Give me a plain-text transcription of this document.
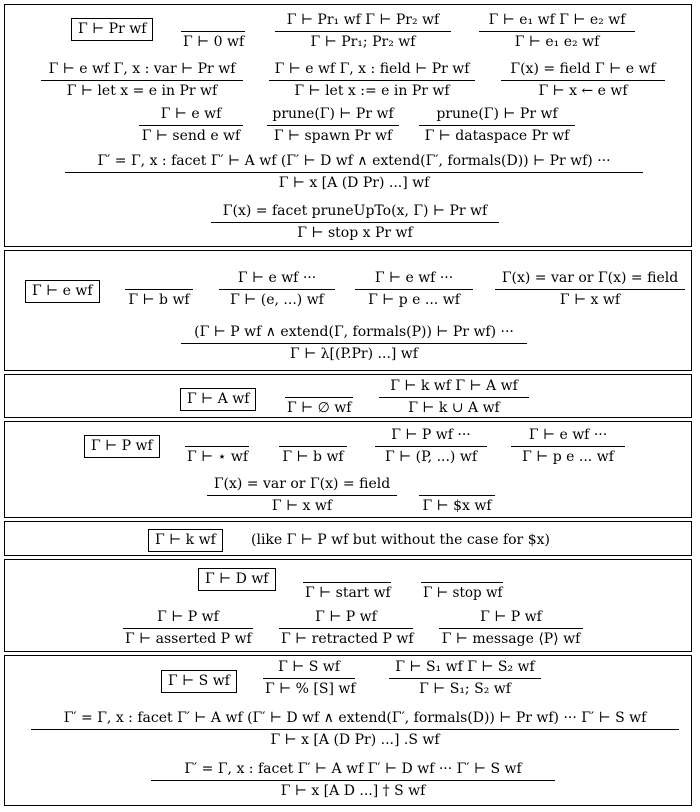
Γ ⊢ Pr wf

Γ ⊢ 0 wf
Γ ⊢ Pr₁ wf Γ ⊢ Pr₂ wf
Γ ⊢ Pr₁; Pr₂ wf
Γ ⊢ e₁ wf Γ ⊢ e₂ wf
Γ ⊢ e₁ e₂ wf
Γ ⊢ e wf Γ, x : var ⊢ Pr wf
Γ ⊢ let x = e in Pr wf
Γ ⊢ e wf Γ, x : field ⊢ Pr wf
Γ ⊢ let x := e in Pr wf
Γ(x) = field Γ ⊢ e wf
Γ ⊢ x ← e wf
Γ ⊢ e wf
Γ ⊢ send e wf
prune(Γ) ⊢ Pr wf
Γ ⊢ spawn Pr wf
prune(Γ) ⊢ Pr wf
Γ ⊢ dataspace Pr wf
Γ′ = Γ, x : facet Γ′ ⊢ A wf (Γ′ ⊢ D wf ∧ extend(Γ′, formals(D)) ⊢ Pr wf) ···
Γ ⊢ x [A (D Pr) ...] wf
Γ(x) = facet pruneUpTo(x, Γ) ⊢ Pr wf
Γ ⊢ stop x Pr wf
Γ ⊢ e wf

Γ ⊢ b wf
Γ ⊢ e wf ···
Γ ⊢ (e, ...) wf
Γ ⊢ e wf ···
Γ ⊢ p e ... wf
Γ(x) = var or Γ(x) = field
Γ ⊢ x wf
(Γ ⊢ P wf ∧ extend(Γ, formals(P)) ⊢ Pr wf) ···
Γ ⊢ λ[(P.Pr) ...] wf
Γ ⊢ A wf

Γ ⊢ ∅ wf
Γ ⊢ k wf Γ ⊢ A wf
Γ ⊢ k ∪ A wf
Γ ⊢ P wf

Γ ⊢ ⋆ wf
Γ ⊢ b wf
Γ ⊢ P wf ···
Γ ⊢ (P, ...) wf
Γ ⊢ e wf ···
Γ ⊢ p e ... wf
Γ(x) = var or Γ(x) = field
Γ ⊢ x wf
	Γ ⊢ $x wf
Γ ⊢ k wf	(like Γ ⊢ P wf but without the case for $x)
Γ ⊢ D wf

Γ ⊢ start wf
Γ ⊢ stop wf
Γ ⊢ P wf
Γ ⊢ asserted P wf
Γ ⊢ P wf
Γ ⊢ retracted P wf
Γ ⊢ P wf
Γ ⊢ message ⟨P⟩ wf
Γ ⊢ S wf
Γ ⊢ S wf
Γ ⊢ % [S] wf
Γ ⊢ S₁ wf Γ ⊢ S₂ wf
Γ ⊢ S₁; S₂ wf
Γ′ = Γ, x : facet Γ′ ⊢ A wf (Γ′ ⊢ D wf ∧ extend(Γ′, formals(D)) ⊢ Pr wf) ··· Γ′ ⊢ S wf
Γ ⊢ x [A (D Pr) ...] .S wf
Γ′ = Γ, x : facet Γ′ ⊢ A wf Γ′ ⊢ D wf ··· Γ′ ⊢ S wf
Γ ⊢ x [A D ...] † S wf
